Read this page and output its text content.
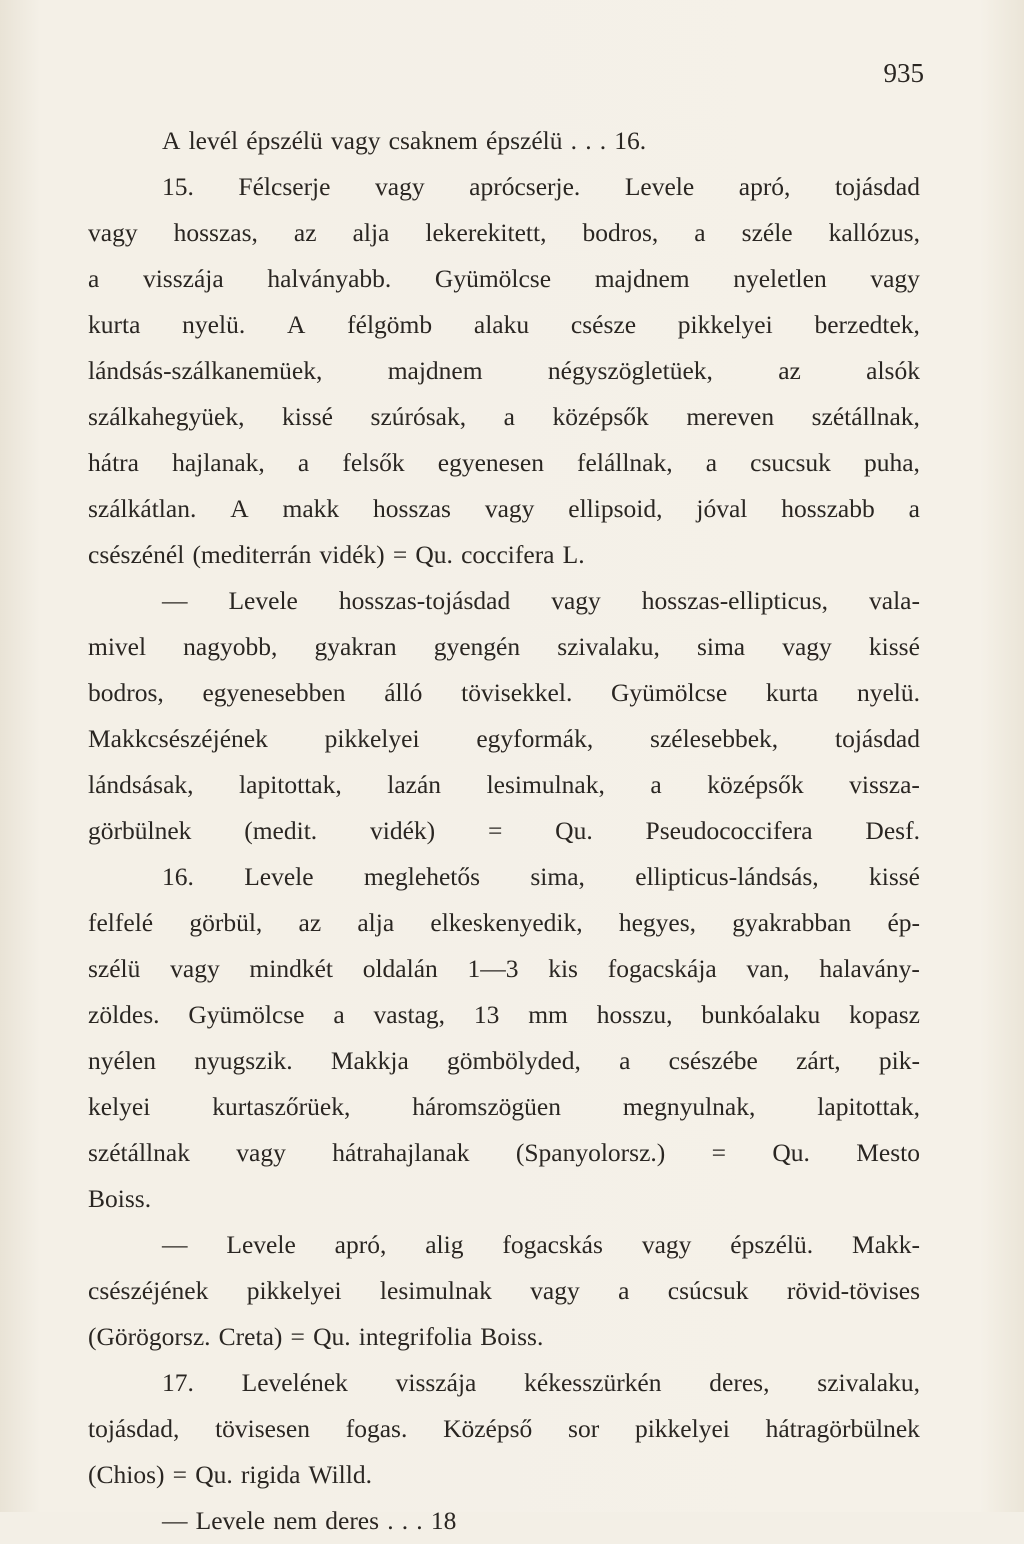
935
A levél épszélü vagy csaknem épszélü . . . 16.
15. Félcserje vagy aprócserje. Levele apró, tojásdad
vagy hosszas, az alja lekerekitett, bodros, a széle kallózus,
a visszája halványabb. Gyümölcse majdnem nyeletlen vagy
kurta nyelü. A félgömb alaku csésze pikkelyei berzedtek,
lándsás-szálkanemüek,	majdnem	négyszögletüek,	az	alsók
szálkahegyüek, kissé szúrósak, a középsők mereven szétállnak,
hátra hajlanak, a felsők egyenesen felállnak, a csucsuk puha,
szálkátlan. A makk hosszas vagy ellipsoid, jóval hosszabb a
csészénél (mediterrán vidék) = Qu. coccifera L.
— Levele hosszas-tojásdad vagy hosszas-ellipticus, vala-
mivel nagyobb, gyakran gyengén szivalaku, sima vagy kissé
bodros, egyenesebben álló tövisekkel. Gyümölcse kurta nyelü.
Makkcsészéjének pikkelyei egyformák, szélesebbek, tojásdad
lándsásak, lapitottak, lazán lesimulnak, a középsők vissza-
görbülnek (medit. vidék) = Qu. Pseudococcifera Desf.
16. Levele meglehetős sima, ellipticus-lándsás, kissé
felfelé görbül, az alja elkeskenyedik, hegyes, gyakrabban ép-
szélü vagy mindkét oldalán 1—3 kis fogacskája van, halavány-
zöldes. Gyümölcse a vastag, 13 mm hosszu, bunkóalaku kopasz
nyélen nyugszik. Makkja gömbölyded, a csészébe zárt, pik-
kelyei kurtaszőrüek, háromszögüen megnyulnak, lapitottak,
szétállnak vagy hátrahajlanak (Spanyolorsz.) = Qu. Mesto
Boiss.
— Levele apró, alig fogacskás vagy épszélü. Makk-
csészéjének pikkelyei lesimulnak vagy a csúcsuk rövid-tövises
(Görögorsz. Creta) = Qu. integrifolia Boiss.
17. Levelének visszája kékesszürkén deres, szivalaku,
tojásdad, tövisesen fogas. Középső sor pikkelyei hátragörbülnek
(Chios) = Qu. rigida Willd.
— Levele nem deres . . . 18
